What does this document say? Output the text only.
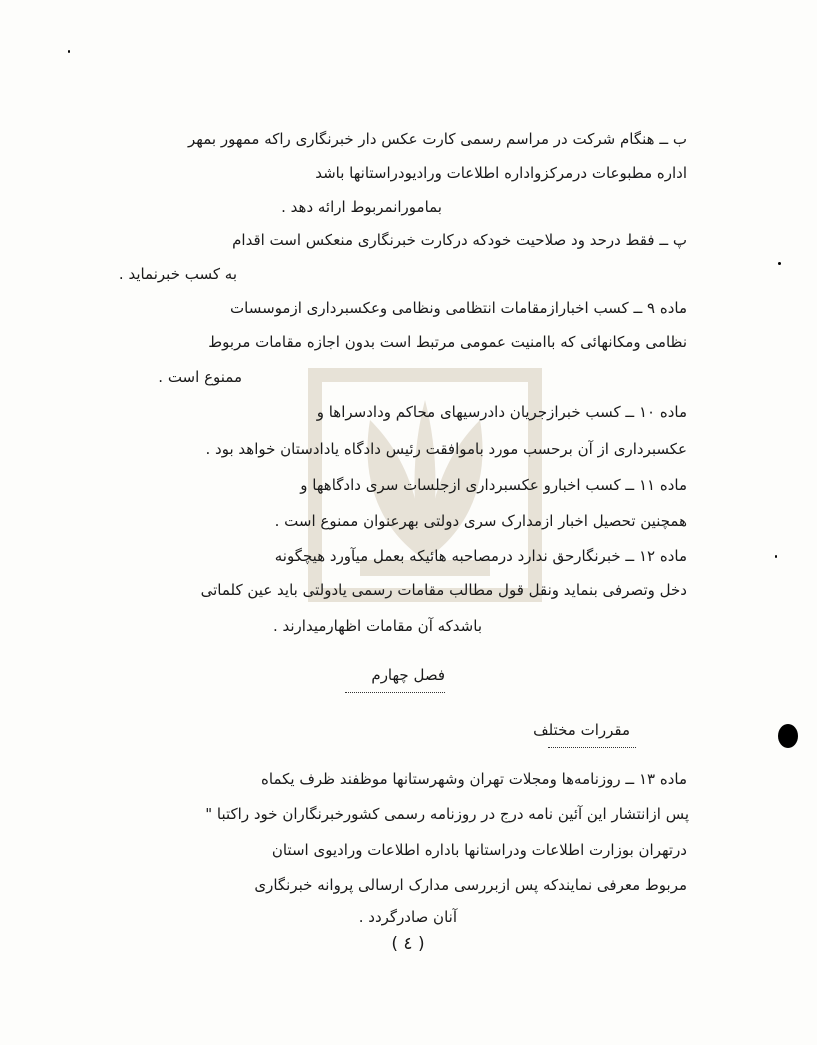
ب ــ هنگام شرکت در مراسم رسمی کارت عکس دار خبرنگاری راکه ممهور بمهر
اداره مطبوعات درمرکزواداره اطلاعات ورادیودراستانها باشد
بمامورانمربوط ارائه دهد .
پ ــ فقط درحد ود صلاحیت خودکه درکارت خبرنگاری منعکس است اقدام
به کسب خبرنماید .
ماده ۹ ــ کسب اخبارازمقامات انتظامی ونظامی وعکسبرداری ازموسسات
نظامی ومکانهائی که باامنیت عمومی مرتبط است بدون اجازه مقامات مربوط
ممنوع است .
ماده ۱۰ ــ کسب خبرازجریان دادرسیهای محاکم ودادسراها و
عکسبرداری از آن برحسب مورد باموافقت رئیس دادگاه یادادستان خواهد بود .
ماده ۱۱ ــ کسب اخبارو عکسبرداری ازجلسات سری دادگاهها و
همچنین تحصیل اخبار ازمدارک سری دولتی بهرعنوان ممنوع است .
ماده ۱۲ ــ خبرنگارحق ندارد درمصاحبه هائیکه بعمل میآورد هیچگونه
دخل وتصرفی بنماید ونقل قول مطالب مقامات رسمی یادولتی باید عین کلماتی
باشدکه آن مقامات اظهارمیدارند .
فصل چهارم
مقررات مختلف
ماده ۱۳ ــ روزنامه‌ها ومجلات تهران وشهرستانها موظفند ظرف یکماه
پس ازانتشار این آئین نامه درج در روزنامه رسمی کشورخبرنگاران خود راکتبا "
درتهران بوزارت اطلاعات ودراستانها باداره اطلاعات ورادیوی استان
مربوط معرفی نمایندکه پس ازبررسی مدارک ارسالی پروانه خبرنگاری
آنان صادرگردد .
( ٤ )
